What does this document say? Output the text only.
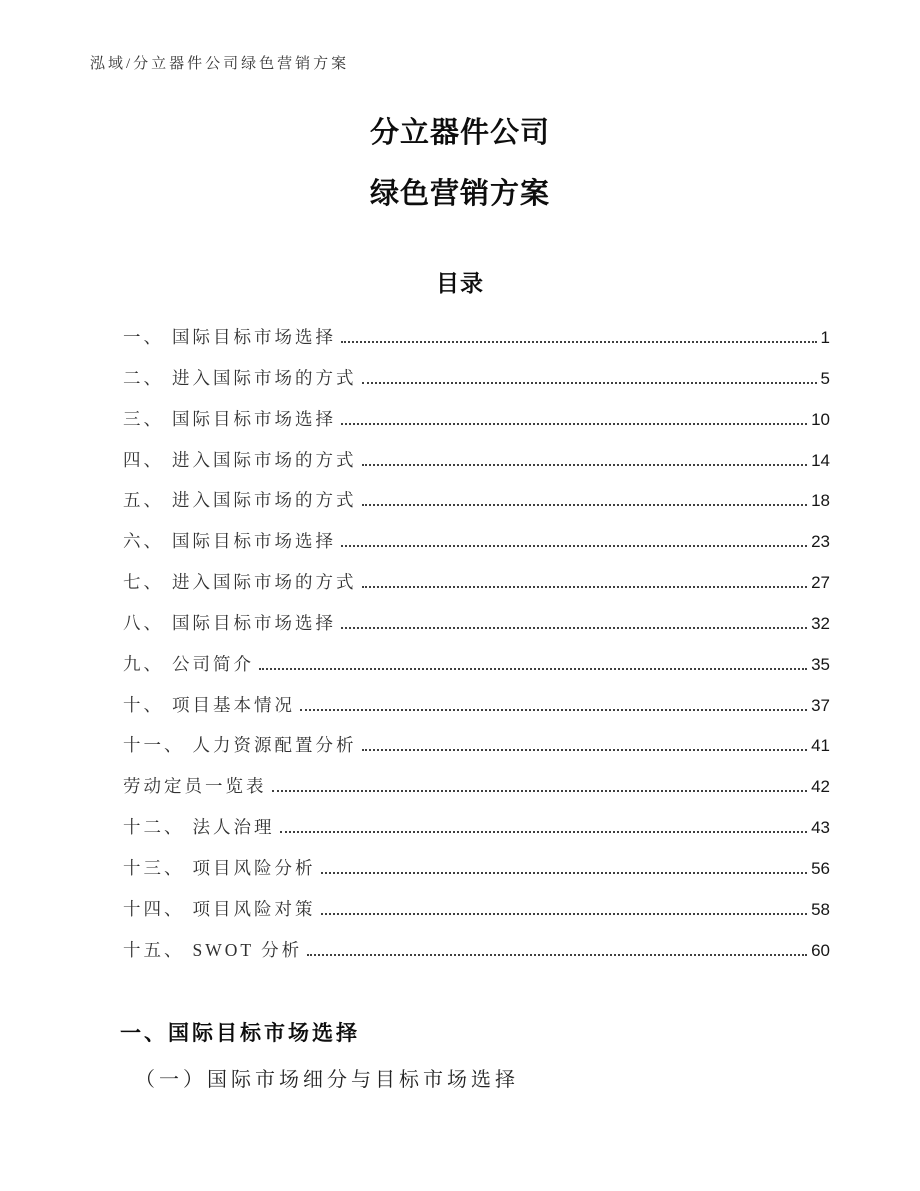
泓域/分立器件公司绿色营销方案
分立器件公司
绿色营销方案
目录
一、 国际目标市场选择	1
二、 进入国际市场的方式	5
三、 国际目标市场选择	10
四、 进入国际市场的方式	14
五、 进入国际市场的方式	18
六、 国际目标市场选择	23
七、 进入国际市场的方式	27
八、 国际目标市场选择	32
九、 公司简介	35
十、 项目基本情况	37
十一、 人力资源配置分析	41
劳动定员一览表	42
十二、 法人治理	43
十三、 项目风险分析	56
十四、 项目风险对策	58
十五、 SWOT 分析	60
一、国际目标市场选择
（一）国际市场细分与目标市场选择
